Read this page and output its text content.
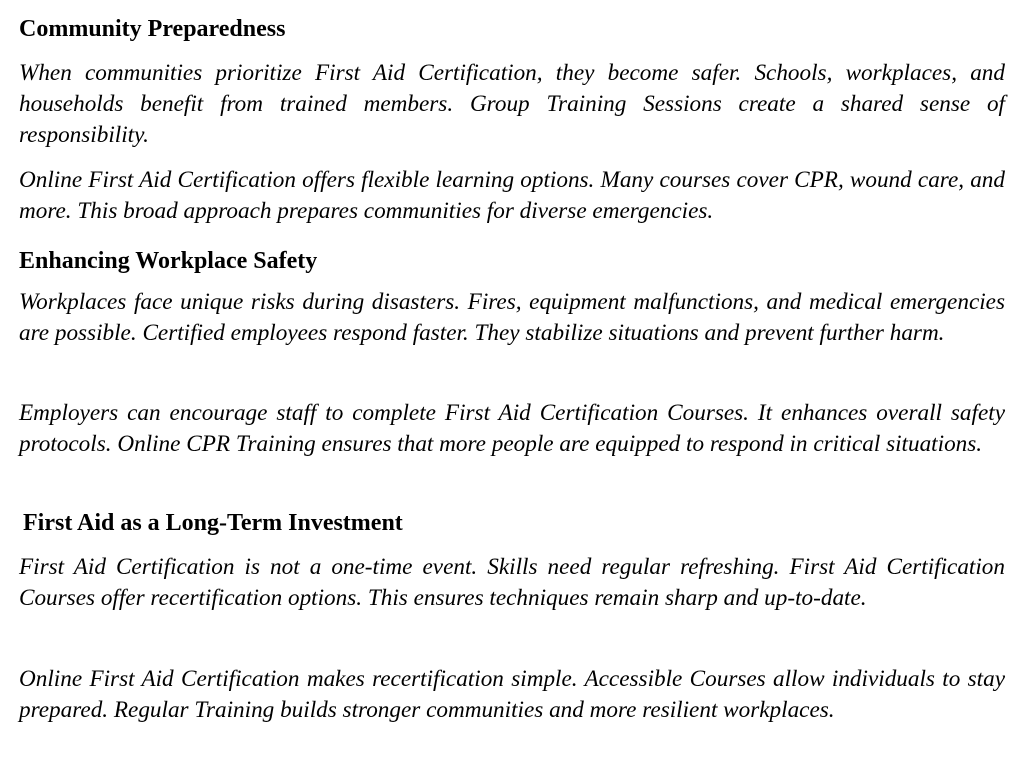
Community Preparedness

When communities prioritize First Aid Certification, they become safer. Schools, workplaces, and households benefit from trained members. Group Training Sessions create a shared sense of responsibility.

Online First Aid Certification offers flexible learning options. Many courses cover CPR, wound care, and more. This broad approach prepares communities for diverse emergencies.

Enhancing Workplace Safety

Workplaces face unique risks during disasters. Fires, equipment malfunctions, and medical emergencies are possible. Certified employees respond faster. They stabilize situations and prevent further harm.

Employers can encourage staff to complete First Aid Certification Courses. It enhances overall safety protocols. Online CPR Training ensures that more people are equipped to respond in critical situations.

First Aid as a Long-Term Investment

First Aid Certification is not a one-time event. Skills need regular refreshing. First Aid Certification Courses offer recertification options. This ensures techniques remain sharp and up-to-date.

Online First Aid Certification makes recertification simple. Accessible Courses allow individuals to stay prepared. Regular Training builds stronger communities and more resilient workplaces.
